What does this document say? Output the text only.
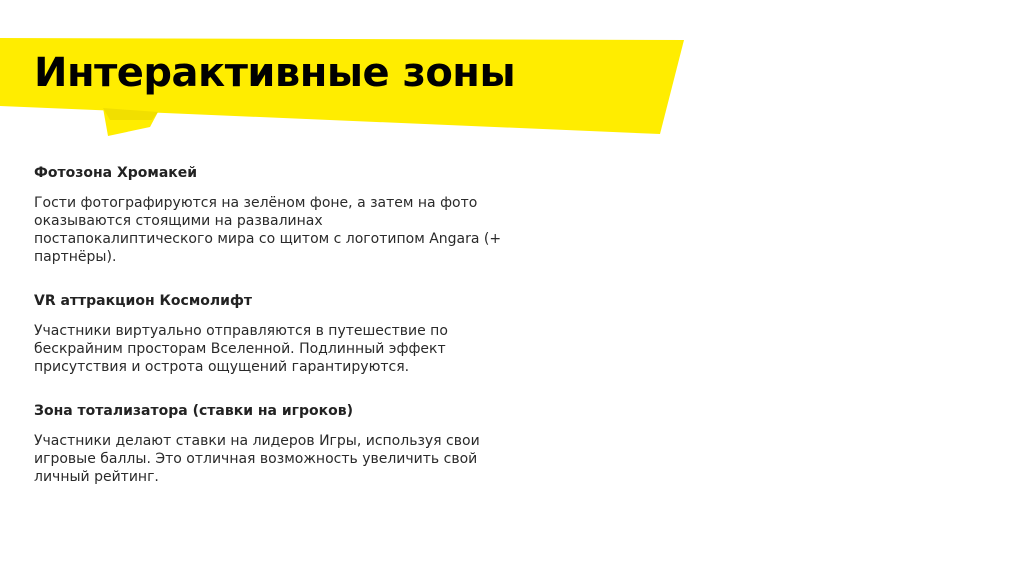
Интерактивные зоны

Фотозона Хромакей

Гости фотографируются на зелёном фоне, а затем на фото оказываются стоящими на развалинах постапокалиптического мира со щитом с логотипом Angara (+ партнёры).

VR аттракцион Космолифт

Участники виртуально отправляются в путешествие по бескрайним просторам Вселенной. Подлинный эффект присутствия и острота ощущений гарантируются.

Зона тотализатора (ставки на игроков)

Участники делают ставки на лидеров Игры, используя свои игровые баллы. Это отличная возможность увеличить свой личный рейтинг.
